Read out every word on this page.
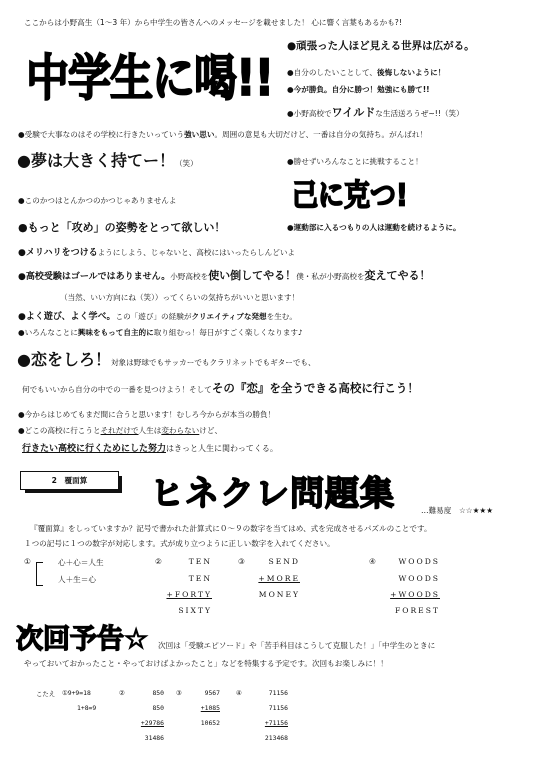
ここからは小野高生（1〜3 年）から中学生の皆さんへのメッセージを載せました！ 心に響く言葉もあるかも?!
中学生に喝!!
●頑張った人ほど見える世界は広がる。
●自分のしたいことして、後悔しないように！
●今が勝負。自分に勝つ！勉強にも勝て!!
●小野高校でワイルドな生活送ろうぜ~!!（笑）
●受験で大事なのはその学校に行きたいっていう強い思い。周囲の意見も大切だけど、一番は自分の気持ち。がんばれ！
●夢は大きく持てー！（笑）	●勝せずいろんなことに挑戦すること！
●このかつはとんかつのかつじゃありませんよ	己に克つ!
●もっと「攻め」の姿勢をとって欲しい！	●運動部に入るつもりの人は運動を続けるように。
●メリハリをつけるようにしよう、じゃないと、高校にはいったらしんどいよ
●高校受験はゴールではありません。小野高校を使い倒してやる！僕・私が小野高校を変えてやる！
（当然、いい方向にね（笑））ってくらいの気持ちがいいと思います！
●よく遊び、よく学べ。この「遊び」の経験がクリエイティブな発想を生む。
●いろんなことに興味をもって自主的に取り組むっ！毎日がすごく楽しくなります♪
●恋をしろ！対象は野球でもサッカーでもクラリネットでもギターでも、
何でもいいから自分の中での一番を見つけよう！そしてその『恋』を全うできる高校に行こう！
●今からはじめてもまだ間に合うと思います！むしろ今からが本当の勝負！
●どこの高校に行こうとそれだけで人生は変わらないけど、
行きたい高校に行くためにした努力はきっと人生に関わってくる。
2　覆面算	ヒネクレ問題集	…難易度　☆☆★★★
『覆面算』をしっていますか？記号で書かれた計算式に０～９の数字を当てはめ、式を完成させるパズルのことです。
１つの記号に１つの数字が対応します。式が成り立つように正しい数字を入れてください。
①	心＋心＝人生
人＋生＝心
②	TEN
TEN
+FORTY
SIXTY
③	SEND
+MORE
MONEY
④	WOODS
WOODS
+WOODS
FOREST
次回予告☆ 次回は「受験エピソード」や「苦手科目はこうして克服した！」「中学生のときに
やっておいておかったこと・やっておけばよかったこと」などを特集する予定です。次回もお楽しみに！！
こたえ ①9+9=18
1+8=9
②	850
850
+29786
31486
③	9567
+1085
10652
④	71156
71156
+71156
213468
